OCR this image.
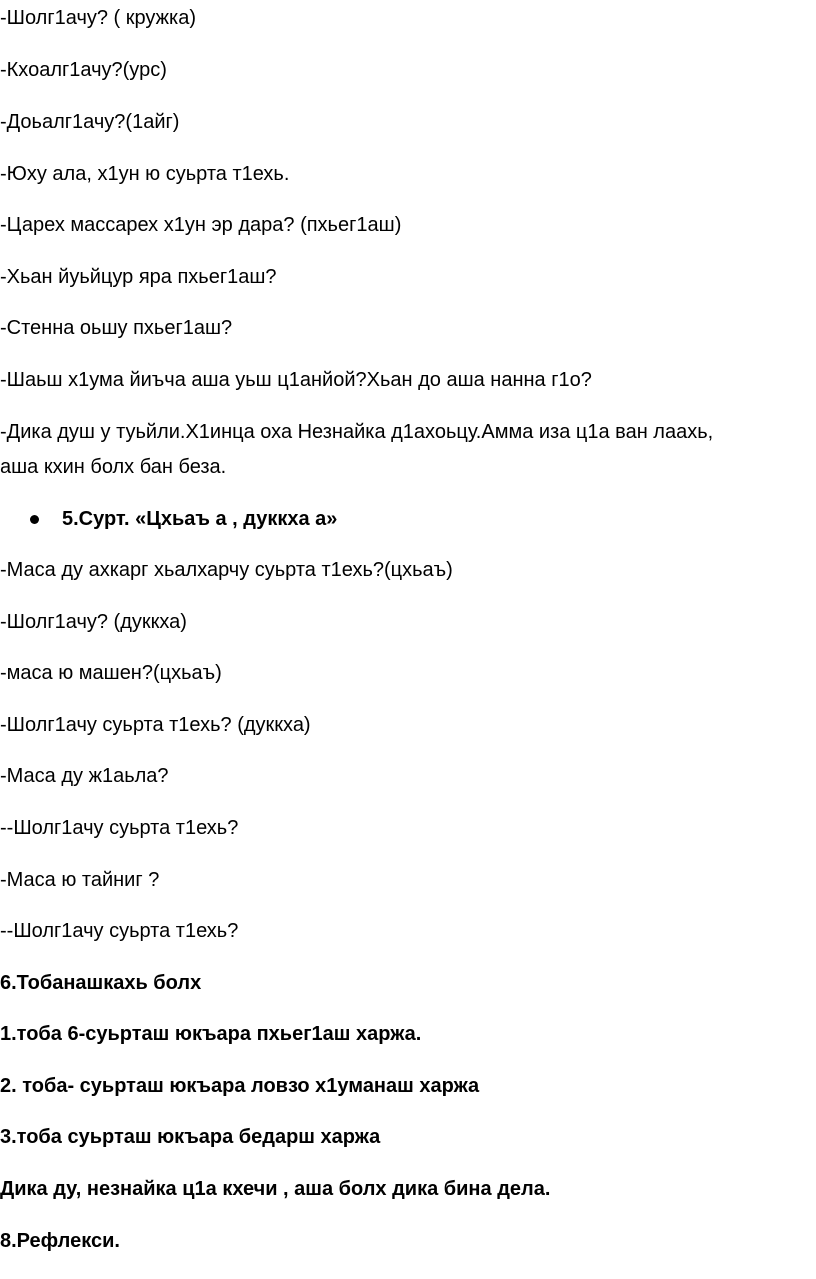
-Шолг1ачу? ( кружка)

-Кхоалг1ачу?(урс)

-Доьалг1ачу?(1айг)

-Юху ала, х1ун ю суьрта т1ехь.

-Царех массарех х1ун эр дара? (пхьег1аш)

-Хьан йуьйцур яра пхьег1аш?

-Стенна оьшу пхьег1аш?

-Шаьш х1ума йиъча аша уьш ц1анйой?Хьан до аша нанна г1о?

-Дика душ у туьйли.Х1инца оха Незнайка д1ахоьцу.Амма иза ц1а ван лаахь,

аша кхин болх бан беза.

5.Сурт. «Цхьаъ а , дуккха а»

-Маса ду ахкарг хьалхарчу суьрта т1ехь?(цхьаъ)

-Шолг1ачу? (дуккха)

-маса ю машен?(цхьаъ)

-Шолг1ачу суьрта т1ехь? (дуккха)

-Маса ду ж1аьла?

--Шолг1ачу суьрта т1ехь?

-Маса ю тайниг ?

--Шолг1ачу суьрта т1ехь?

6.Тобанашкахь болх

1.тоба 6-суьрташ юкъара пхьег1аш харжа.

2. тоба- суьрташ юкъара ловзо х1уманаш харжа

3.тоба суьрташ юкъара бедарш харжа

Дика ду, незнайка ц1а кхечи , аша болх дика бина дела.

8.Рефлекси.
